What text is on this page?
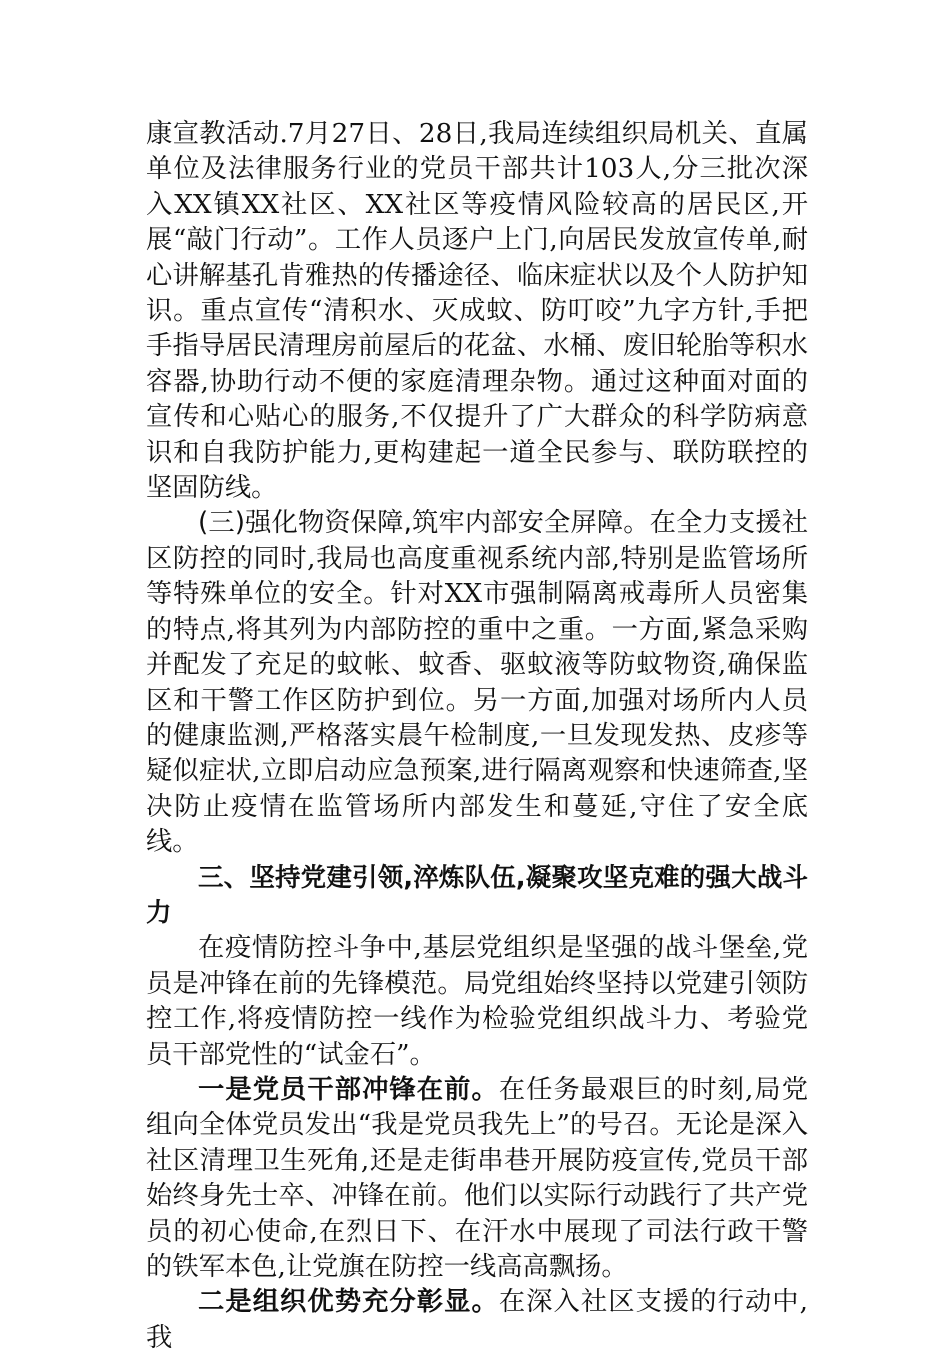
康宣教活动.7月27日、28日,我局连续组织局机关、直属单位及法律服务行业的党员干部共计103人,分三批次深入XX镇XX社区、XX社区等疫情风险较高的居民区,开展“敲门行动”。工作人员逐户上门,向居民发放宣传单,耐心讲解基孔肯雅热的传播途径、临床症状以及个人防护知识。重点宣传“清积水、灭成蚊、防叮咬”九字方针,手把手指导居民清理房前屋后的花盆、水桶、废旧轮胎等积水容器,协助行动不便的家庭清理杂物。通过这种面对面的宣传和心贴心的服务,不仅提升了广大群众的科学防病意识和自我防护能力,更构建起一道全民参与、联防联控的坚固防线。

(三)强化物资保障,筑牢内部安全屏障。在全力支援社区防控的同时,我局也高度重视系统内部,特别是监管场所等特殊单位的安全。针对XX市强制隔离戒毒所人员密集的特点,将其列为内部防控的重中之重。一方面,紧急采购并配发了充足的蚊帐、蚊香、驱蚊液等防蚊物资,确保监区和干警工作区防护到位。另一方面,加强对场所内人员的健康监测,严格落实晨午检制度,一旦发现发热、皮疹等疑似症状,立即启动应急预案,进行隔离观察和快速筛查,坚决防止疫情在监管场所内部发生和蔓延,守住了安全底线。

三、坚持党建引领,淬炼队伍,凝聚攻坚克难的强大战斗力

在疫情防控斗争中,基层党组织是坚强的战斗堡垒,党员是冲锋在前的先锋模范。局党组始终坚持以党建引领防控工作,将疫情防控一线作为检验党组织战斗力、考验党员干部党性的“试金石”。

一是党员干部冲锋在前。在任务最艰巨的时刻,局党组向全体党员发出“我是党员我先上”的号召。无论是深入社区清理卫生死角,还是走街串巷开展防疫宣传,党员干部始终身先士卒、冲锋在前。他们以实际行动践行了共产党员的初心使命,在烈日下、在汗水中展现了司法行政干警的铁军本色,让党旗在防控一线高高飘扬。

二是组织优势充分彰显。在深入社区支援的行动中,我
